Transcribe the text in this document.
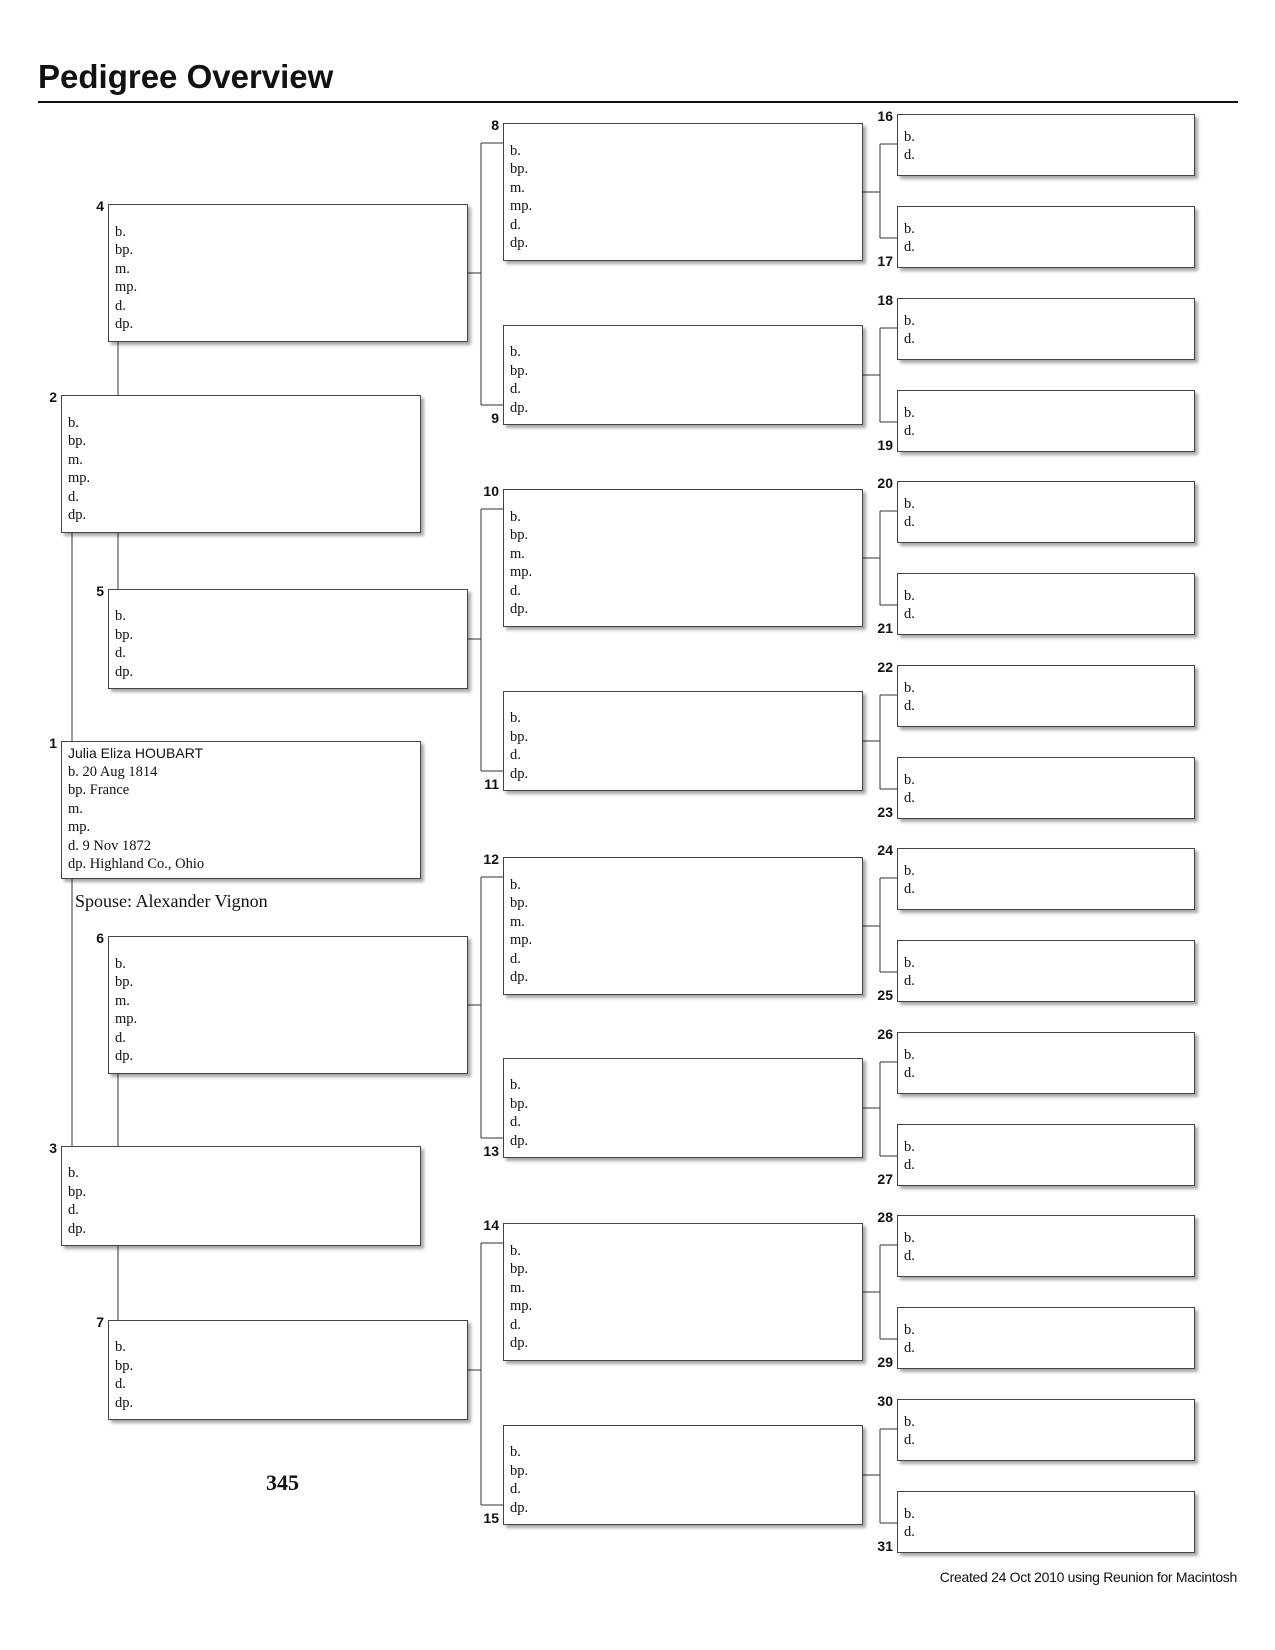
Pedigree Overview
Julia Eliza HOUBART
b. 20 Aug 1814
bp. France
m.
mp.
d. 9 Nov 1872
dp. Highland Co., Ohio
1
b.
bp.
m.
mp.
d.
dp.
2
b.
bp.
d.
dp.
3
b.
bp.
m.
mp.
d.
dp.
4
b.
bp.
d.
dp.
5
b.
bp.
m.
mp.
d.
dp.
6
b.
bp.
d.
dp.
7
b.
bp.
m.
mp.
d.
dp.
8
b.
bp.
d.
dp.
9
b.
bp.
m.
mp.
d.
dp.
10
b.
bp.
d.
dp.
11
b.
bp.
m.
mp.
d.
dp.
12
b.
bp.
d.
dp.
13
b.
bp.
m.
mp.
d.
dp.
14
b.
bp.
d.
dp.
15
b.
d.
16
b.
d.
17
b.
d.
18
b.
d.
19
b.
d.
20
b.
d.
21
b.
d.
22
b.
d.
23
b.
d.
24
b.
d.
25
b.
d.
26
b.
d.
27
b.
d.
28
b.
d.
29
b.
d.
30
b.
d.
31
Spouse: Alexander Vignon
345
Created 24 Oct 2010 using Reunion for Macintosh
